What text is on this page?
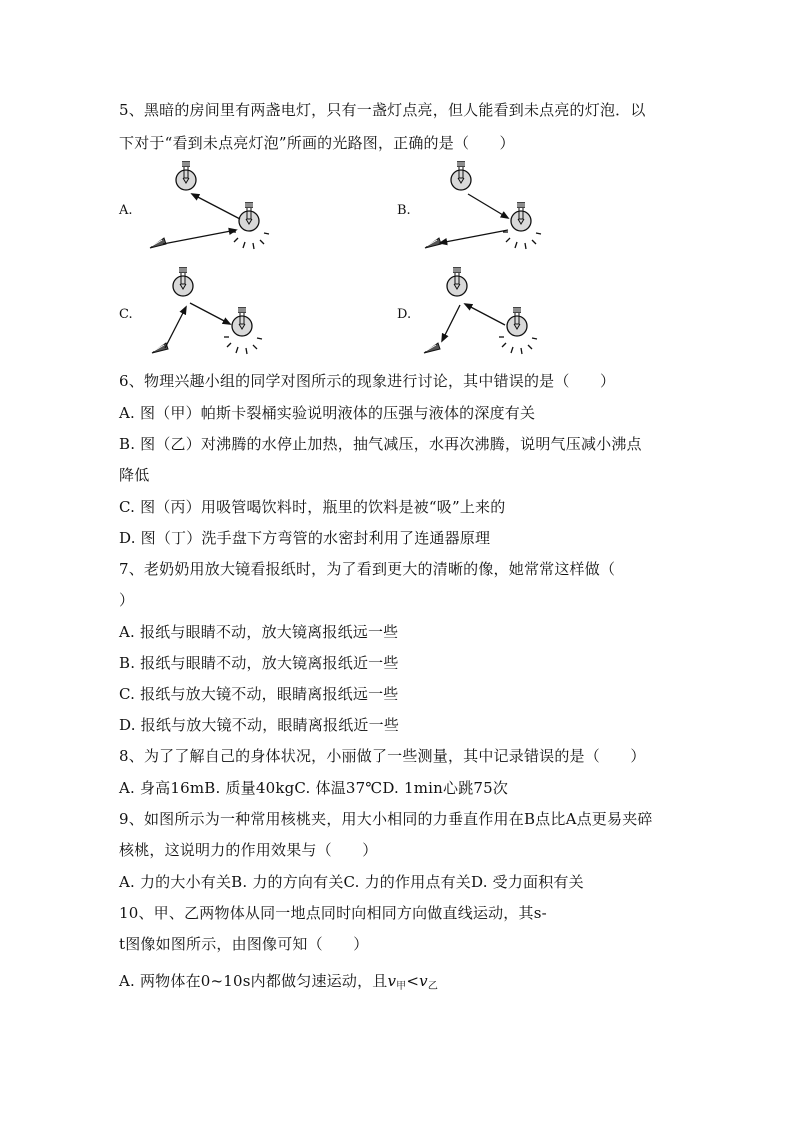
5、黑暗的房间里有两盏电灯，只有一盏灯点亮，但人能看到未点亮的灯泡．以
下对于“看到未点亮灯泡”所画的光路图，正确的是（　　）
A.	B.
C.	D.
6、物理兴趣小组的同学对图所示的现象进行讨论，其中错误的是（　　）
A. 图（甲）帕斯卡裂桶实验说明液体的压强与液体的深度有关
B. 图（乙）对沸腾的水停止加热，抽气减压，水再次沸腾，说明气压减小沸点
降低
C. 图（丙）用吸管喝饮料时，瓶里的饮料是被“吸”上来的
D. 图（丁）洗手盘下方弯管的水密封利用了连通器原理
7、老奶奶用放大镜看报纸时，为了看到更大的清晰的像，她常常这样做（
）
A. 报纸与眼睛不动，放大镜离报纸远一些
B. 报纸与眼睛不动，放大镜离报纸近一些
C. 报纸与放大镜不动，眼睛离报纸远一些
D. 报纸与放大镜不动，眼睛离报纸近一些
8、为了了解自己的身体状况，小丽做了一些测量，其中记录错误的是（　　）
A. 身高16mB. 质量40kgC. 体温37℃D. 1min心跳75次
9、如图所示为一种常用核桃夹，用大小相同的力垂直作用在B点比A点更易夹碎
核桃，这说明力的作用效果与（　　）
A. 力的大小有关B. 力的方向有关C. 力的作用点有关D. 受力面积有关
10、甲、乙两物体从同一地点同时向相同方向做直线运动，其s-
t图像如图所示，由图像可知（　　）
A. 两物体在0~10s内都做匀速运动，且$v_甲<v_乙$
